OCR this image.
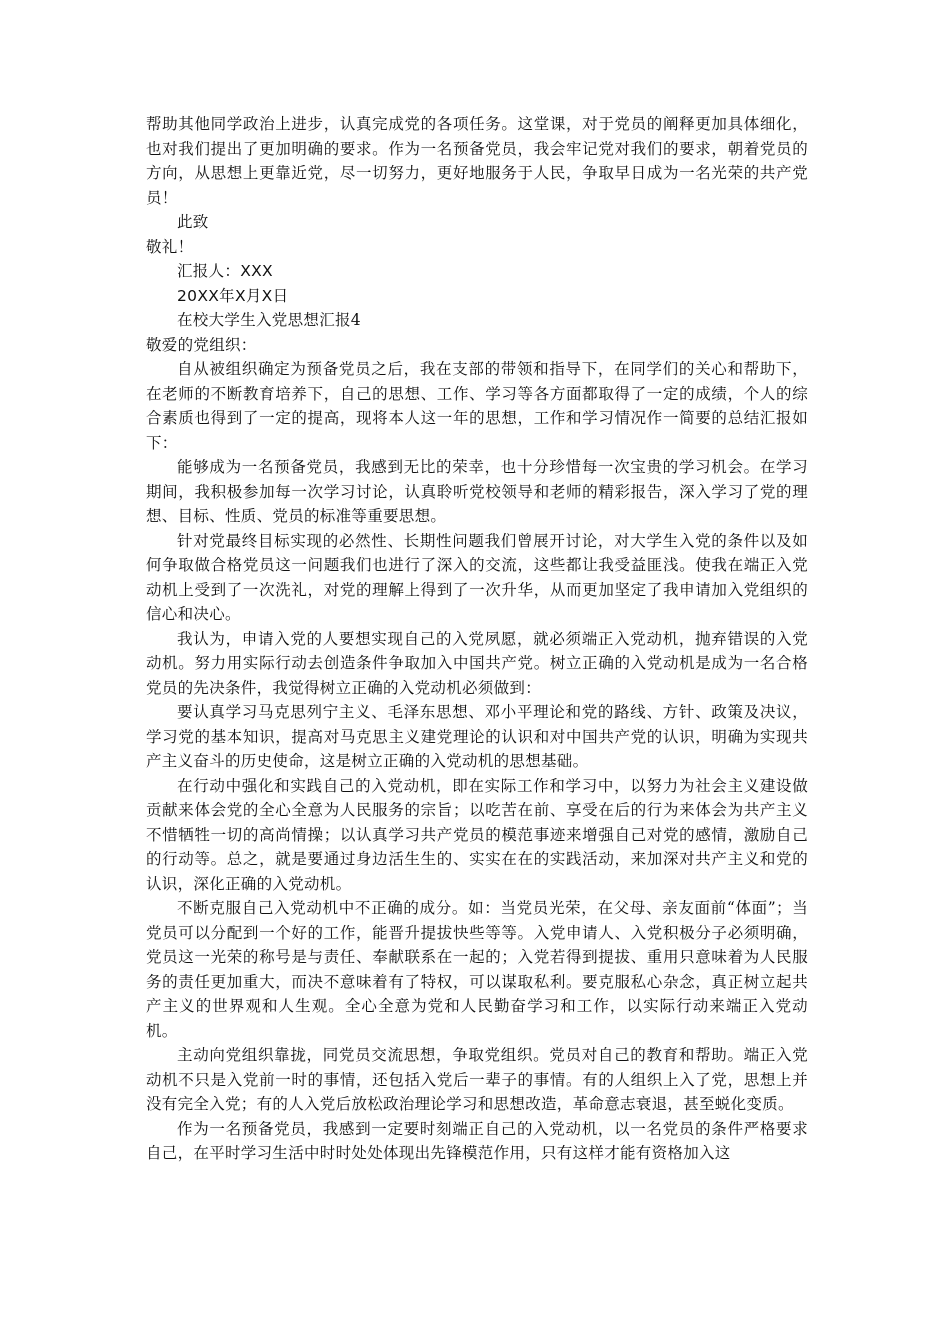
帮助其他同学政治上进步，认真完成党的各项任务。这堂课，对于党员的阐释更加具体细化，也对我们提出了更加明确的要求。作为一名预备党员，我会牢记党对我们的要求，朝着党员的方向，从思想上更靠近党，尽一切努力，更好地服务于人民，争取早日成为一名光荣的共产党员！

此致

敬礼！

汇报人：XXX

20XX年X月X日

在校大学生入党思想汇报4

敬爱的党组织：

自从被组织确定为预备党员之后，我在支部的带领和指导下，在同学们的关心和帮助下，在老师的不断教育培养下，自己的思想、工作、学习等各方面都取得了一定的成绩，个人的综合素质也得到了一定的提高，现将本人这一年的思想，工作和学习情况作一简要的总结汇报如下：

能够成为一名预备党员，我感到无比的荣幸，也十分珍惜每一次宝贵的学习机会。在学习期间，我积极参加每一次学习讨论，认真聆听党校领导和老师的精彩报告，深入学习了党的理想、目标、性质、党员的标准等重要思想。

针对党最终目标实现的必然性、长期性问题我们曾展开讨论，对大学生入党的条件以及如何争取做合格党员这一问题我们也进行了深入的交流，这些都让我受益匪浅。使我在端正入党动机上受到了一次洗礼，对党的理解上得到了一次升华，从而更加坚定了我申请加入党组织的信心和决心。

我认为，申请入党的人要想实现自己的入党夙愿，就必须端正入党动机，抛弃错误的入党动机。努力用实际行动去创造条件争取加入中国共产党。树立正确的入党动机是成为一名合格党员的先决条件，我觉得树立正确的入党动机必须做到：

要认真学习马克思列宁主义、毛泽东思想、邓小平理论和党的路线、方针、政策及决议，学习党的基本知识，提高对马克思主义建党理论的认识和对中国共产党的认识，明确为实现共产主义奋斗的历史使命，这是树立正确的入党动机的思想基础。

在行动中强化和实践自己的入党动机，即在实际工作和学习中，以努力为社会主义建设做贡献来体会党的全心全意为人民服务的宗旨；以吃苦在前、享受在后的行为来体会为共产主义不惜牺牲一切的高尚情操；以认真学习共产党员的模范事迹来增强自己对党的感情，激励自己的行动等。总之，就是要通过身边活生生的、实实在在的实践活动，来加深对共产主义和党的认识，深化正确的入党动机。

不断克服自己入党动机中不正确的成分。如：当党员光荣，在父母、亲友面前“体面”；当党员可以分配到一个好的工作，能晋升提拔快些等等。入党申请人、入党积极分子必须明确，党员这一光荣的称号是与责任、奉献联系在一起的；入党若得到提拔、重用只意味着为人民服务的责任更加重大，而决不意味着有了特权，可以谋取私利。要克服私心杂念，真正树立起共产主义的世界观和人生观。全心全意为党和人民勤奋学习和工作，以实际行动来端正入党动机。

主动向党组织靠拢，同党员交流思想，争取党组织。党员对自己的教育和帮助。端正入党动机不只是入党前一时的事情，还包括入党后一辈子的事情。有的人组织上入了党，思想上并没有完全入党；有的人入党后放松政治理论学习和思想改造，革命意志衰退，甚至蜕化变质。

作为一名预备党员，我感到一定要时刻端正自己的入党动机，以一名党员的条件严格要求自己，在平时学习生活中时时处处体现出先锋模范作用，只有这样才能有资格加入这
